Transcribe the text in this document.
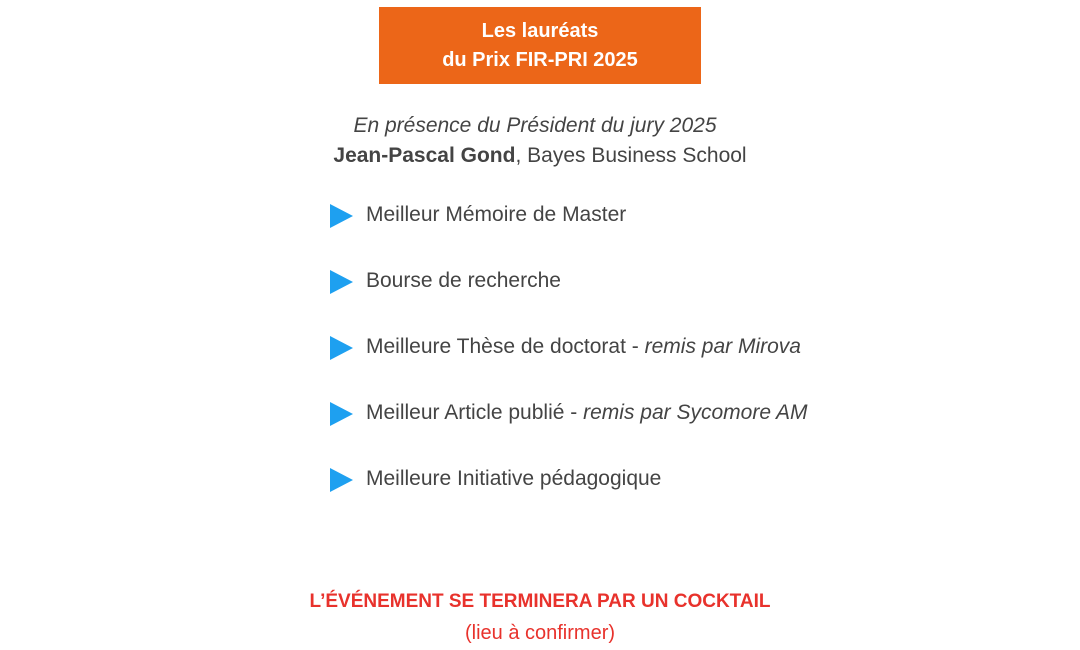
Les lauréats
du Prix FIR-PRI 2025
En présence du Président du jury 2025
Jean-Pascal Gond, Bayes Business School
Meilleur Mémoire de Master
Bourse de recherche
Meilleure Thèse de doctorat - remis par Mirova
Meilleur Article publié - remis par Sycomore AM
Meilleure Initiative pédagogique
L’ÉVÉNEMENT SE TERMINERA PAR UN COCKTAIL
(lieu à confirmer)
